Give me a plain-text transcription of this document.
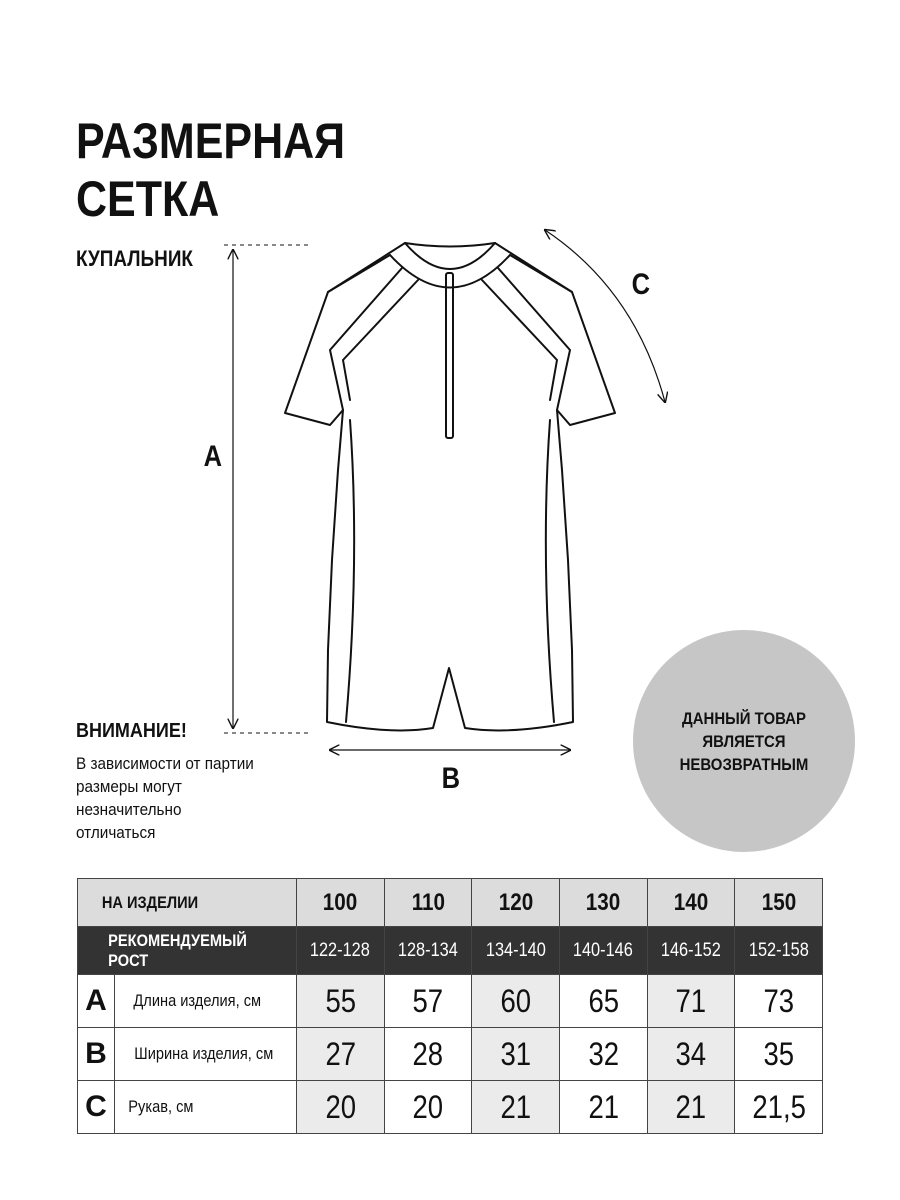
РАЗМЕРНАЯ
СЕТКА
КУПАЛЬНИК
A
B
C
ВНИМАНИЕ!
В зависимости от партии размеры могут незначительно отличаться
ДАННЫЙ ТОВАР ЯВЛЯЕТСЯ НЕВОЗВРАТНЫМ
НА ИЗДЕЛИИ		100	110	120	130	140	150
РЕКОМЕНДУЕМЫЙ РОСТ		122-128	128-134	134-140	140-146	146-152	152-158
A	Длина изделия, см	55	57	60	65	71	73
B	Ширина изделия, см	27	28	31	32	34	35
C	Рукав, см	20	20	21	21	21	21,5
